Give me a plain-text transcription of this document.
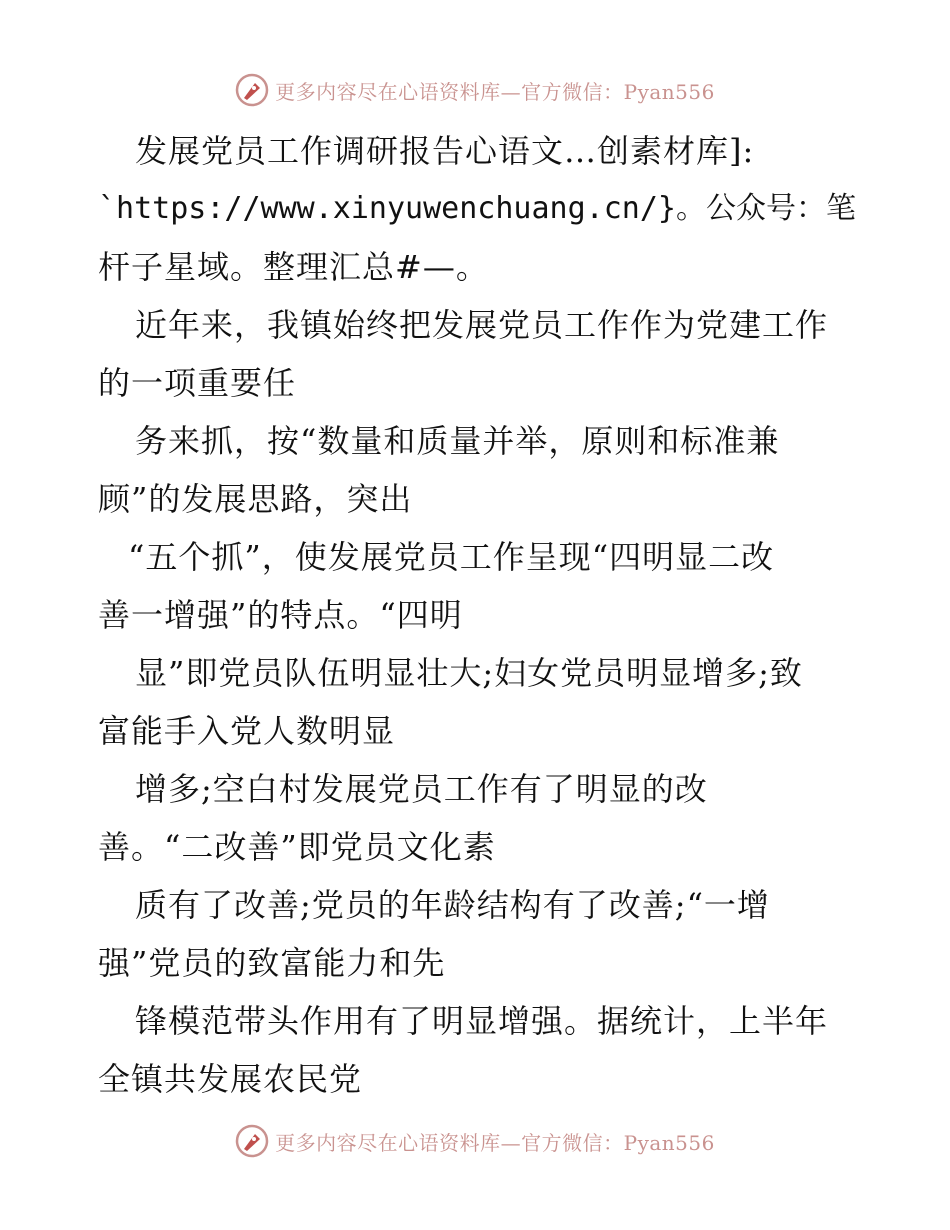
更多内容尽在心语资料库—官方微信：Pyan556
发展党员工作调研报告心语文…创素材库]:
`https://www.xinyuwenchuang.cn/}。公众号：笔
杆子星域。整理汇总#—。
近年来，我镇始终把发展党员工作作为党建工作
的一项重要任
务来抓，按“数量和质量并举，原则和标准兼
顾”的发展思路，突出
“五个抓”，使发展党员工作呈现“四明显二改
善一增强”的特点。“四明
显”即党员队伍明显壮大;妇女党员明显增多;致
富能手入党人数明显
增多;空白村发展党员工作有了明显的改
善。“二改善”即党员文化素
质有了改善;党员的年龄结构有了改善;“一增
强”党员的致富能力和先
锋模范带头作用有了明显增强。据统计，上半年
全镇共发展农民党
更多内容尽在心语资料库—官方微信：Pyan556
